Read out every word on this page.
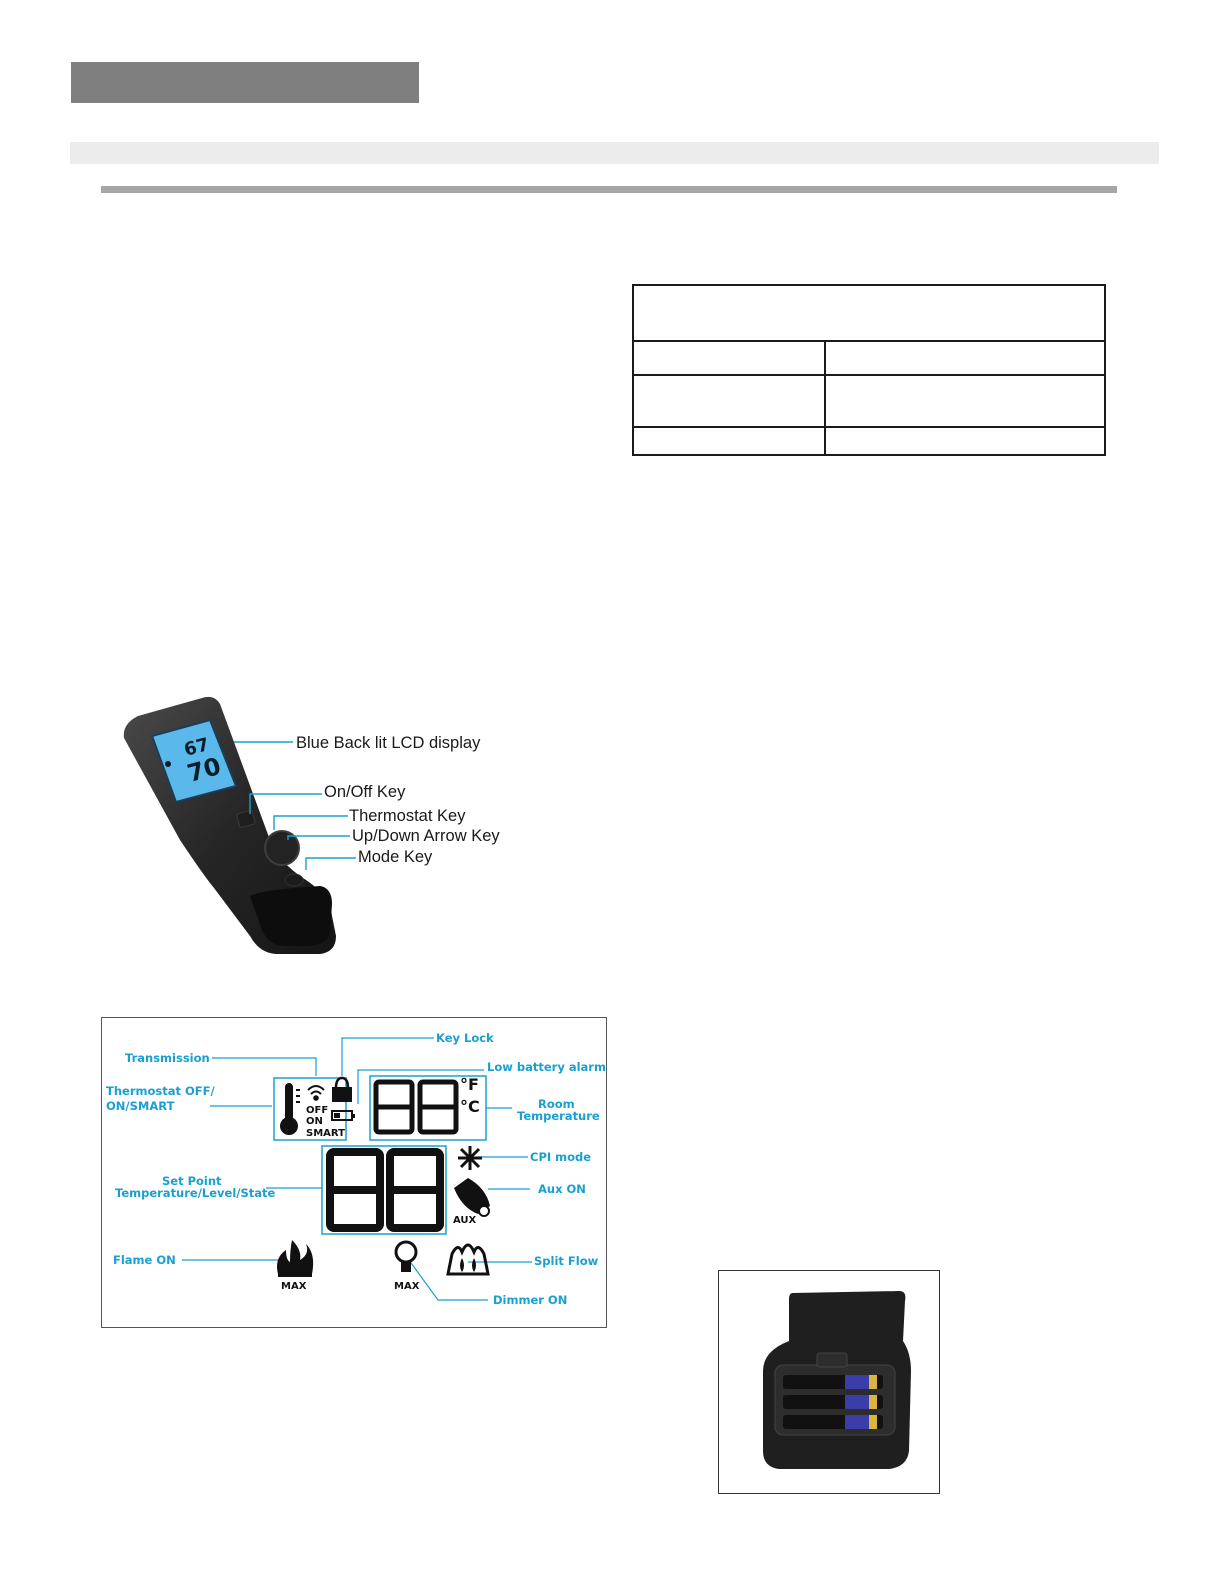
67
70
Blue Back lit LCD display
On/Off Key
Thermostat Key
Up/Down Arrow Key
Mode Key
OFF
ON
SMART
°F
°C
AUX
MAX	MAX
Transmission
Key Lock
Low battery alarm
Thermostat OFF/
ON/SMART	Room
Temperature
CPI mode
Set Point
Temperature/Level/State	Aux ON
Flame ON	Split Flow
Dimmer ON
